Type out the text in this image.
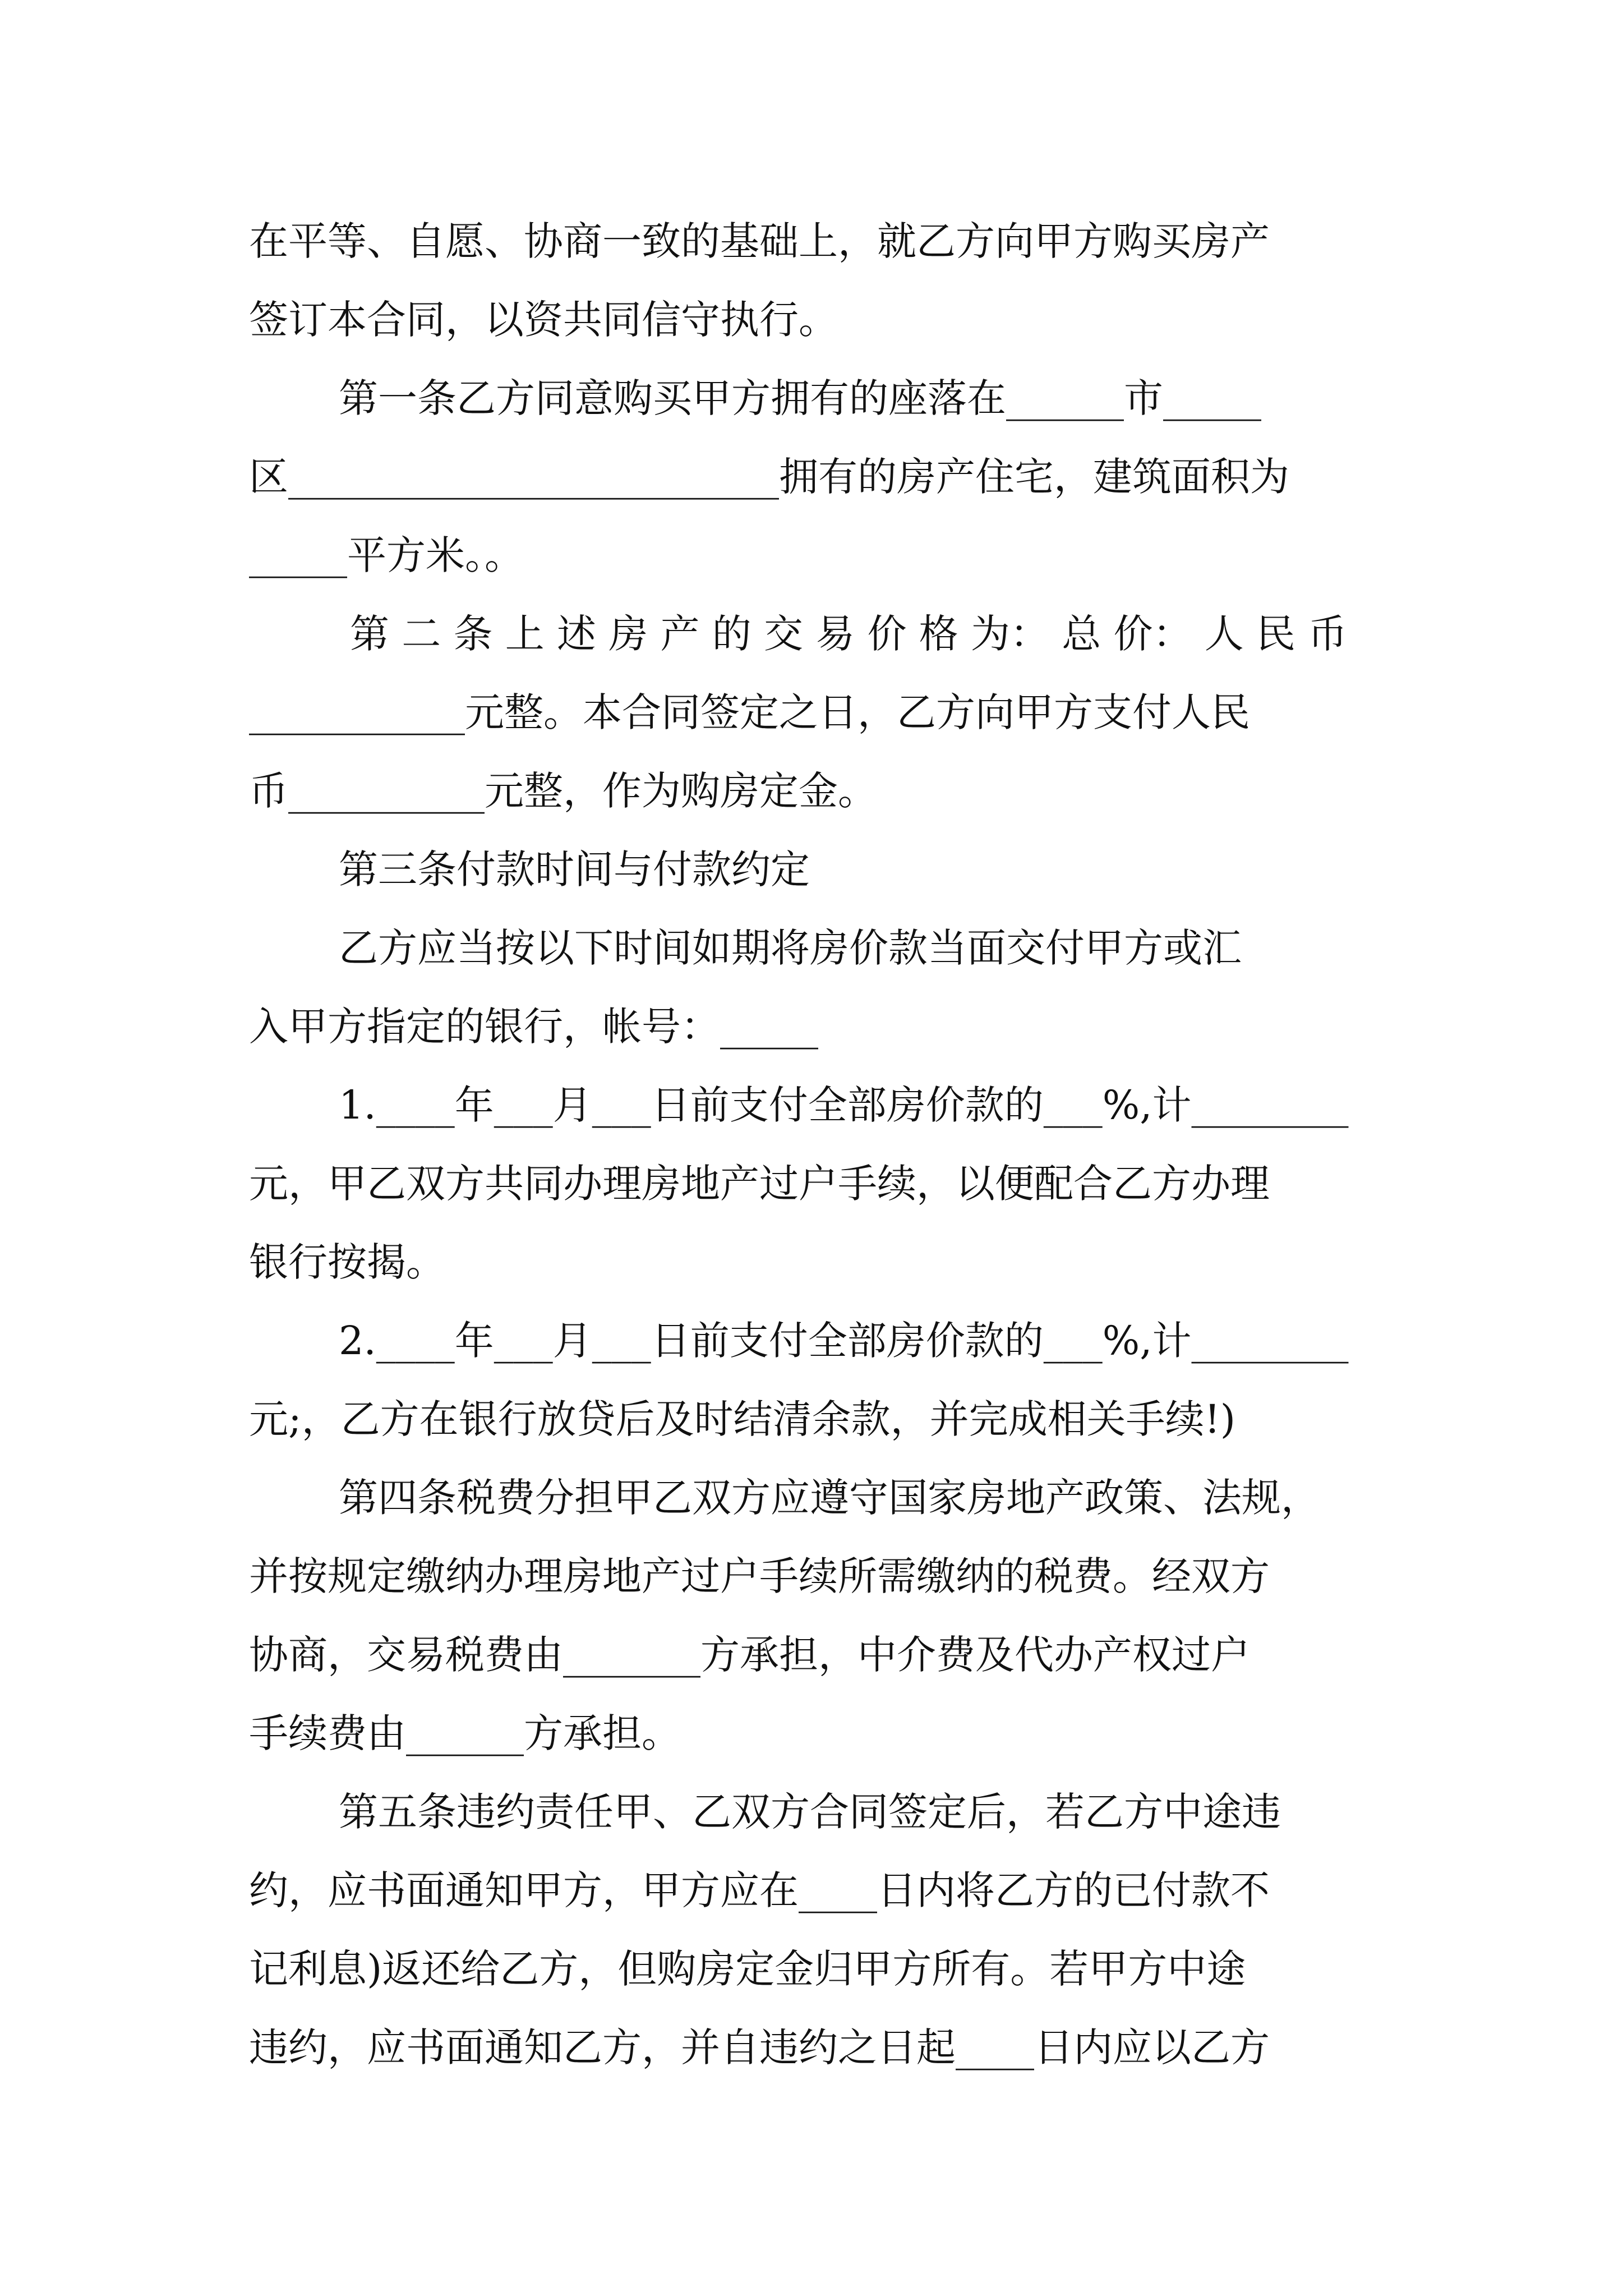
在平等、自愿、协商一致的基础上，就乙方向甲方购买房产

签订本合同，以资共同信守执行。

第一条乙方同意购买甲方拥有的座落在______市_____

区_________________________拥有的房产住宅，建筑面积为

_____平方米。。

第 二 条 上 述 房 产 的 交 易 价 格 为： 总 价： 人 民 币

___________元整。本合同签定之日，乙方向甲方支付人民

币__________元整，作为购房定金。

第三条付款时间与付款约定

乙方应当按以下时间如期将房价款当面交付甲方或汇

入甲方指定的银行，帐号：_____

1.____年___月___日前支付全部房价款的___%,计________

元，甲乙双方共同办理房地产过户手续，以便配合乙方办理

银行按揭。

2.____年___月___日前支付全部房价款的___%,计________

元;，乙方在银行放贷后及时结清余款，并完成相关手续!)

第四条税费分担甲乙双方应遵守国家房地产政策、法规，

并按规定缴纳办理房地产过户手续所需缴纳的税费。经双方

协商，交易税费由_______方承担，中介费及代办产权过户

手续费由______方承担。

第五条违约责任甲、乙双方合同签定后，若乙方中途违

约，应书面通知甲方，甲方应在____日内将乙方的已付款不

记利息)返还给乙方，但购房定金归甲方所有。若甲方中途

违约，应书面通知乙方，并自违约之日起____日内应以乙方
